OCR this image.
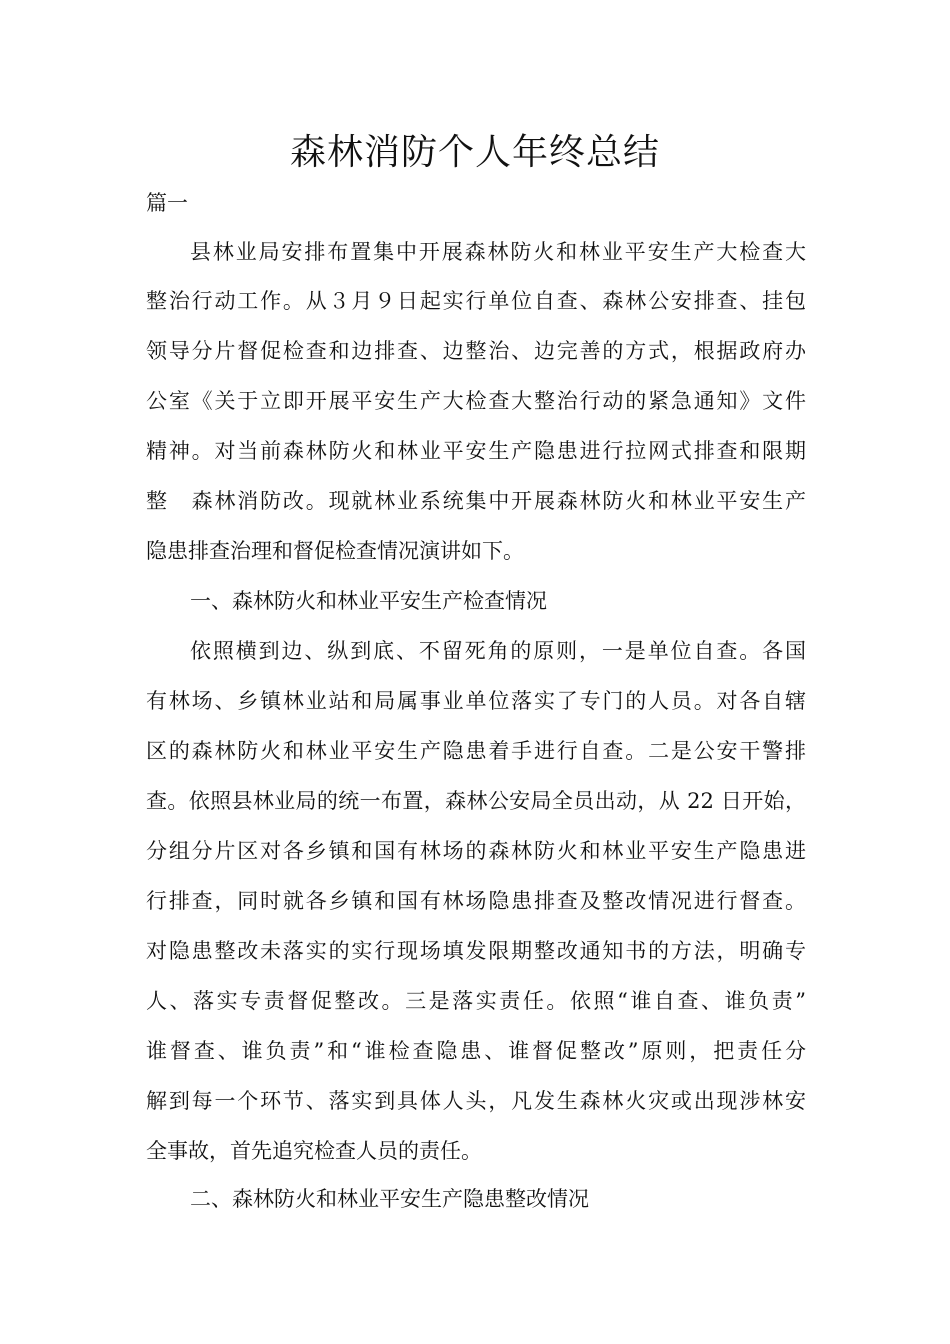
森林消防个人年终总结
篇一
县林业局安排布置集中开展森林防火和林业平安生产大检查大
整治行动工作。从３月９日起实行单位自查、森林公安排查、挂包
领导分片督促检查和边排查、边整治、边完善的方式，根据政府办
公室《关于立即开展平安生产大检查大整治行动的紧急通知》文件
精神。对当前森林防火和林业平安生产隐患进行拉网式排查和限期
整　森林消防改。现就林业系统集中开展森林防火和林业平安生产
隐患排查治理和督促检查情况演讲如下。
一、森林防火和林业平安生产检查情况
依照横到边、纵到底、不留死角的原则，一是单位自查。各国
有林场、乡镇林业站和局属事业单位落实了专门的人员。对各自辖
区的森林防火和林业平安生产隐患着手进行自查。二是公安干警排
查。依照县林业局的统一布置，森林公安局全员出动，从 22 日开始，
分组分片区对各乡镇和国有林场的森林防火和林业平安生产隐患进
行排查，同时就各乡镇和国有林场隐患排查及整改情况进行督查。
对隐患整改未落实的实行现场填发限期整改通知书的方法，明确专
人、落实专责督促整改。三是落实责任。依照“谁自查、谁负责”
谁督查、谁负责”和“谁检查隐患、谁督促整改”原则，把责任分
解到每一个环节、落实到具体人头，凡发生森林火灾或出现涉林安
全事故，首先追究检查人员的责任。
二、森林防火和林业平安生产隐患整改情况
